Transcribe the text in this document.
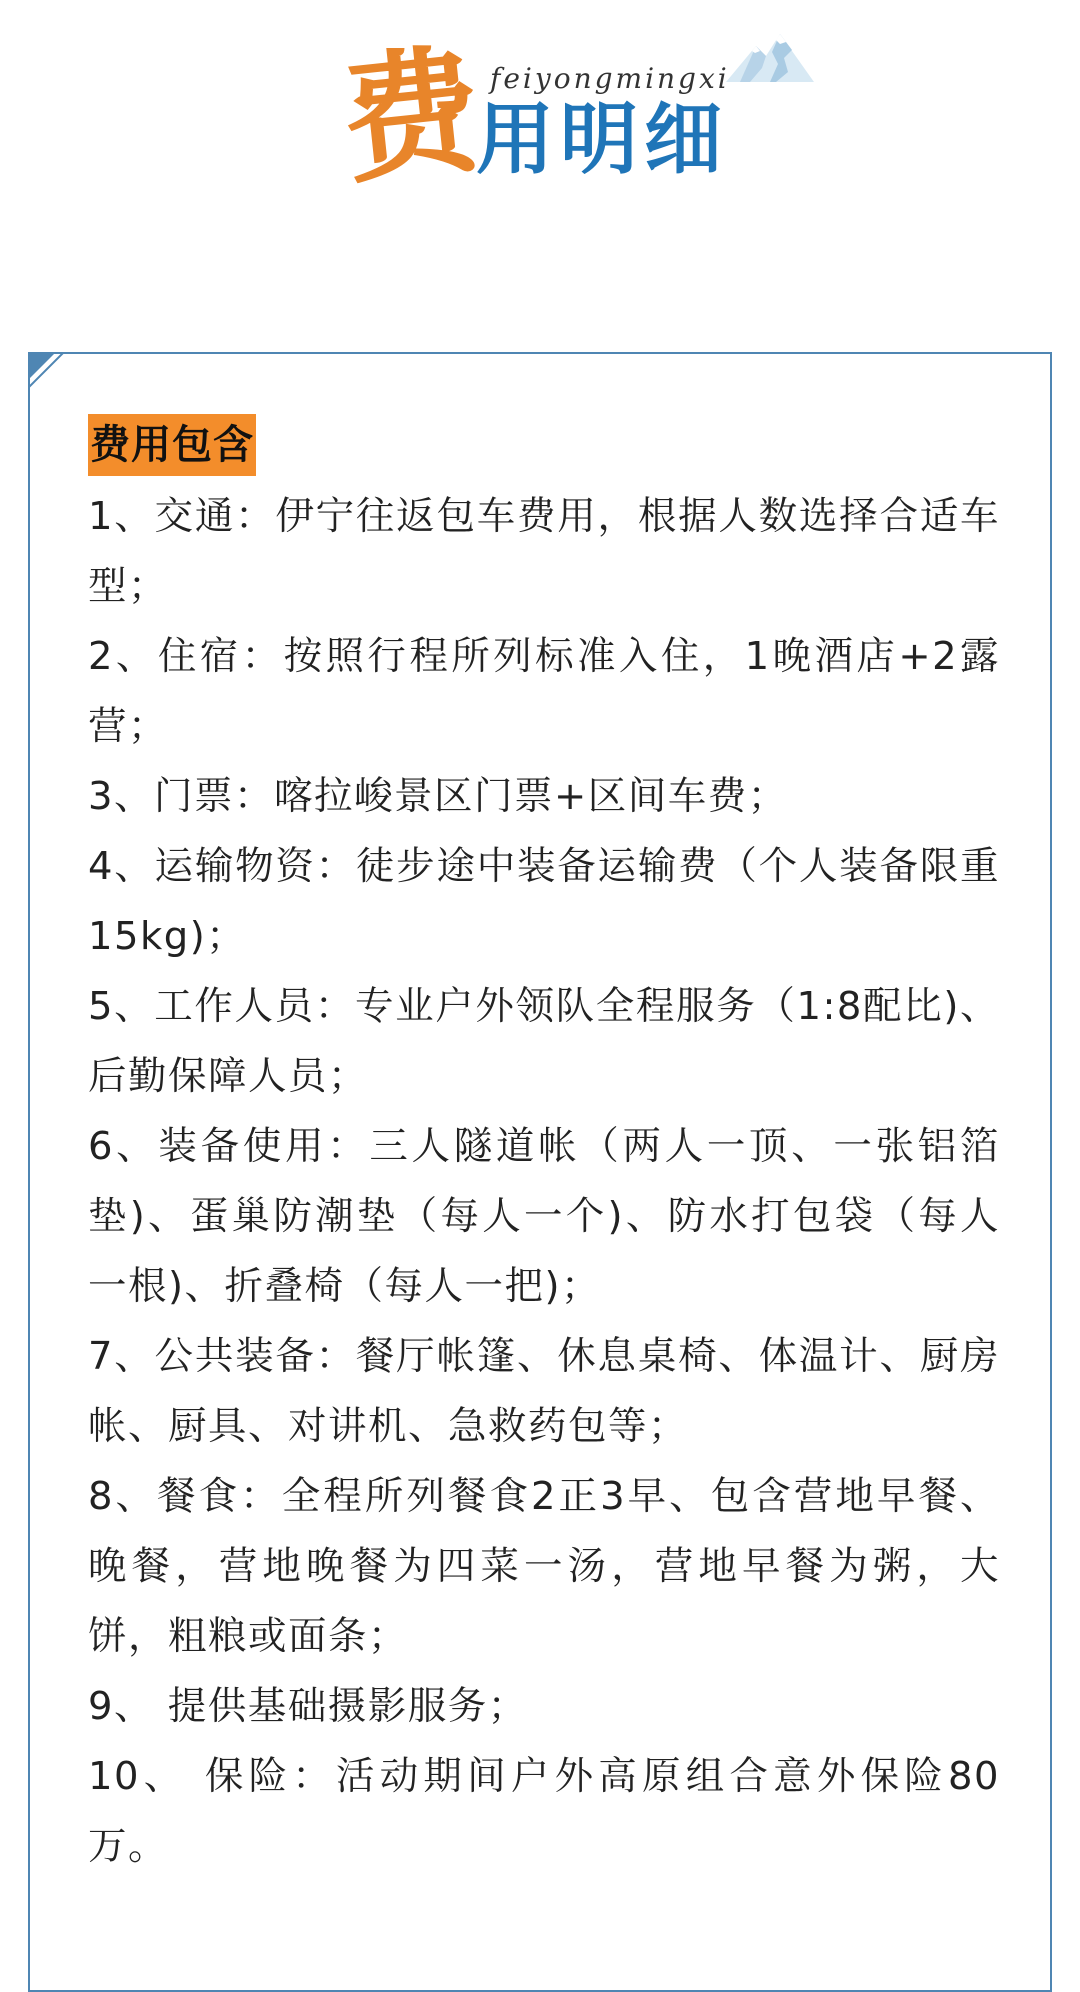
费 feiyongmingxi
用明细
费用包含
1、交通：伊宁往返包车费用，根据人数选择合适车型；
2、住宿：按照行程所列标准入住，1晚酒店+2露营；
3、门票：喀拉峻景区门票+区间车费；
4、运输物资：徒步途中装备运输费（个人装备限重15kg)；
5、工作人员：专业户外领队全程服务（1:8配比)、后勤保障人员；
6、装备使用：三人隧道帐（两人一顶、一张铝箔垫)、蛋巢防潮垫（每人一个)、防水打包袋（每人一根)、折叠椅（每人一把)；
7、公共装备：餐厅帐篷、休息桌椅、体温计、厨房帐、厨具、对讲机、急救药包等；
8、餐食：全程所列餐食2正3早、包含营地早餐、晚餐，营地晚餐为四菜一汤，营地早餐为粥，大饼，粗粮或面条；
9、 提供基础摄影服务；
10、 保险：活动期间户外高原组合意外保险80万。
